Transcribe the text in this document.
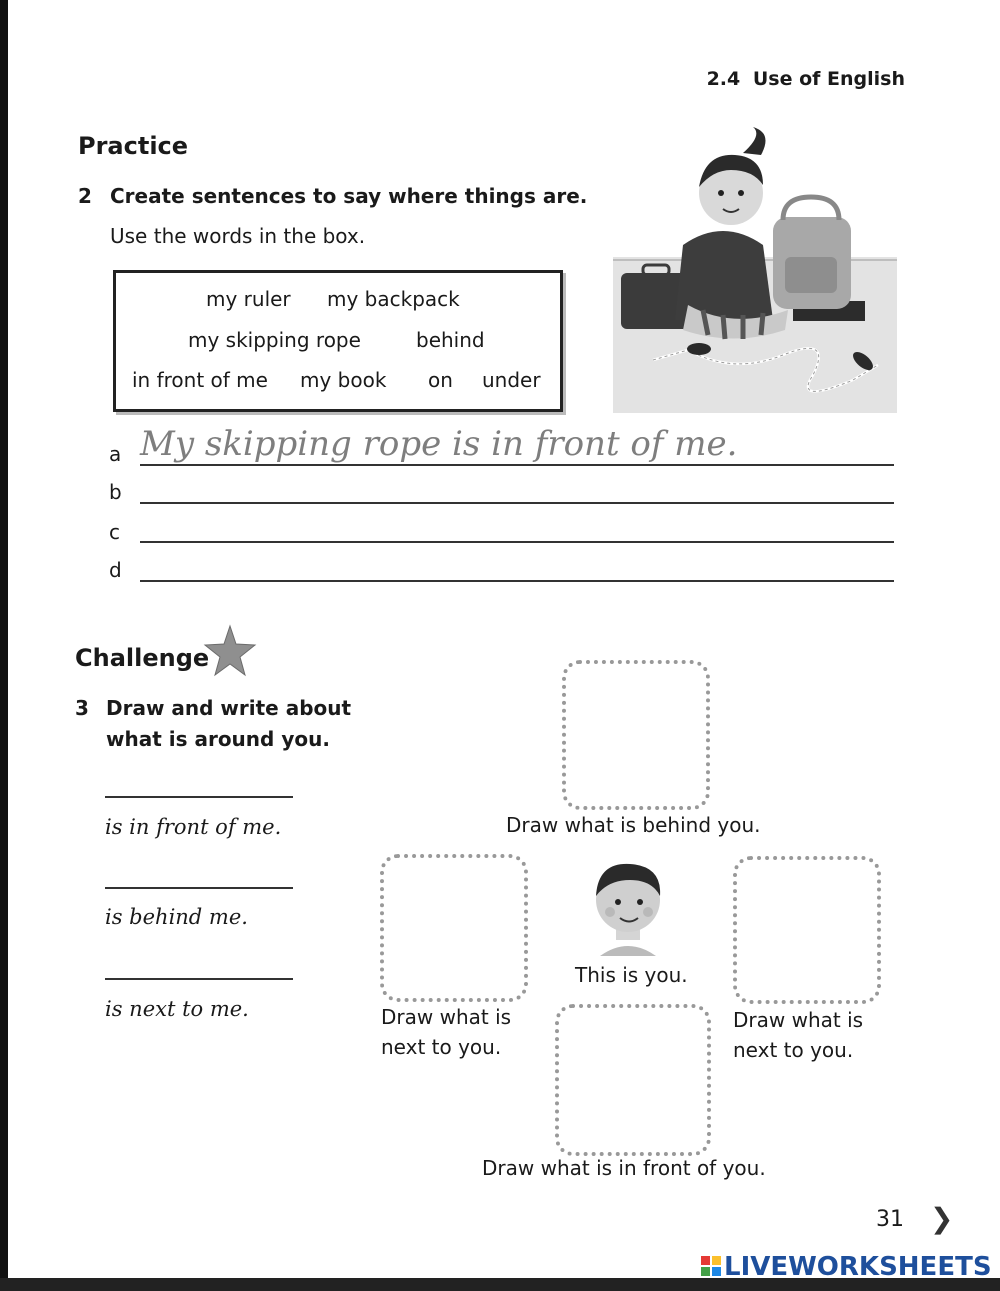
2.4 Use of English
Practice
2 Create sentences to say where things are.
Use the words in the box.
my ruler my backpack
my skipping rope	behind
in front of me my book on under
a My skipping rope is in front of me.
b
c
d
Challenge
3 Draw and write about
what is around you.
is in front of me.
is behind me.
is next to me.
Draw what is behind you.
Draw what is
next to you.
This is you.
Draw what is
next to you.
Draw what is in front of you.
31 ❯
LIVEWORKSHEETS
